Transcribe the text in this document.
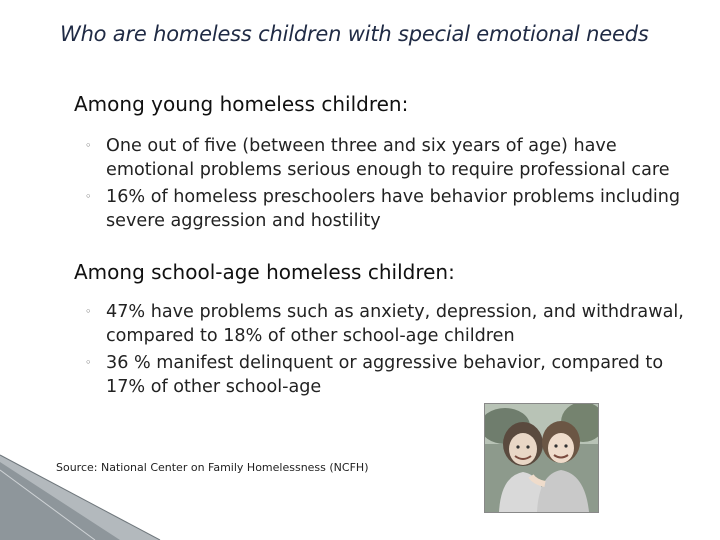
Who are homeless children with special emotional needs
Among young homeless children:
◦ One out of five (between three and six years of age) have emotional problems serious enough to require professional care
◦ 16% of homeless preschoolers have behavior problems including severe aggression and hostility
Among school-age homeless children:
◦ 47% have problems such as anxiety, depression, and withdrawal, compared to 18% of other school-age children
◦ 36 % manifest delinquent or aggressive behavior, compared to 17% of other school-age
Source: National Center on Family Homelessness (NCFH)
